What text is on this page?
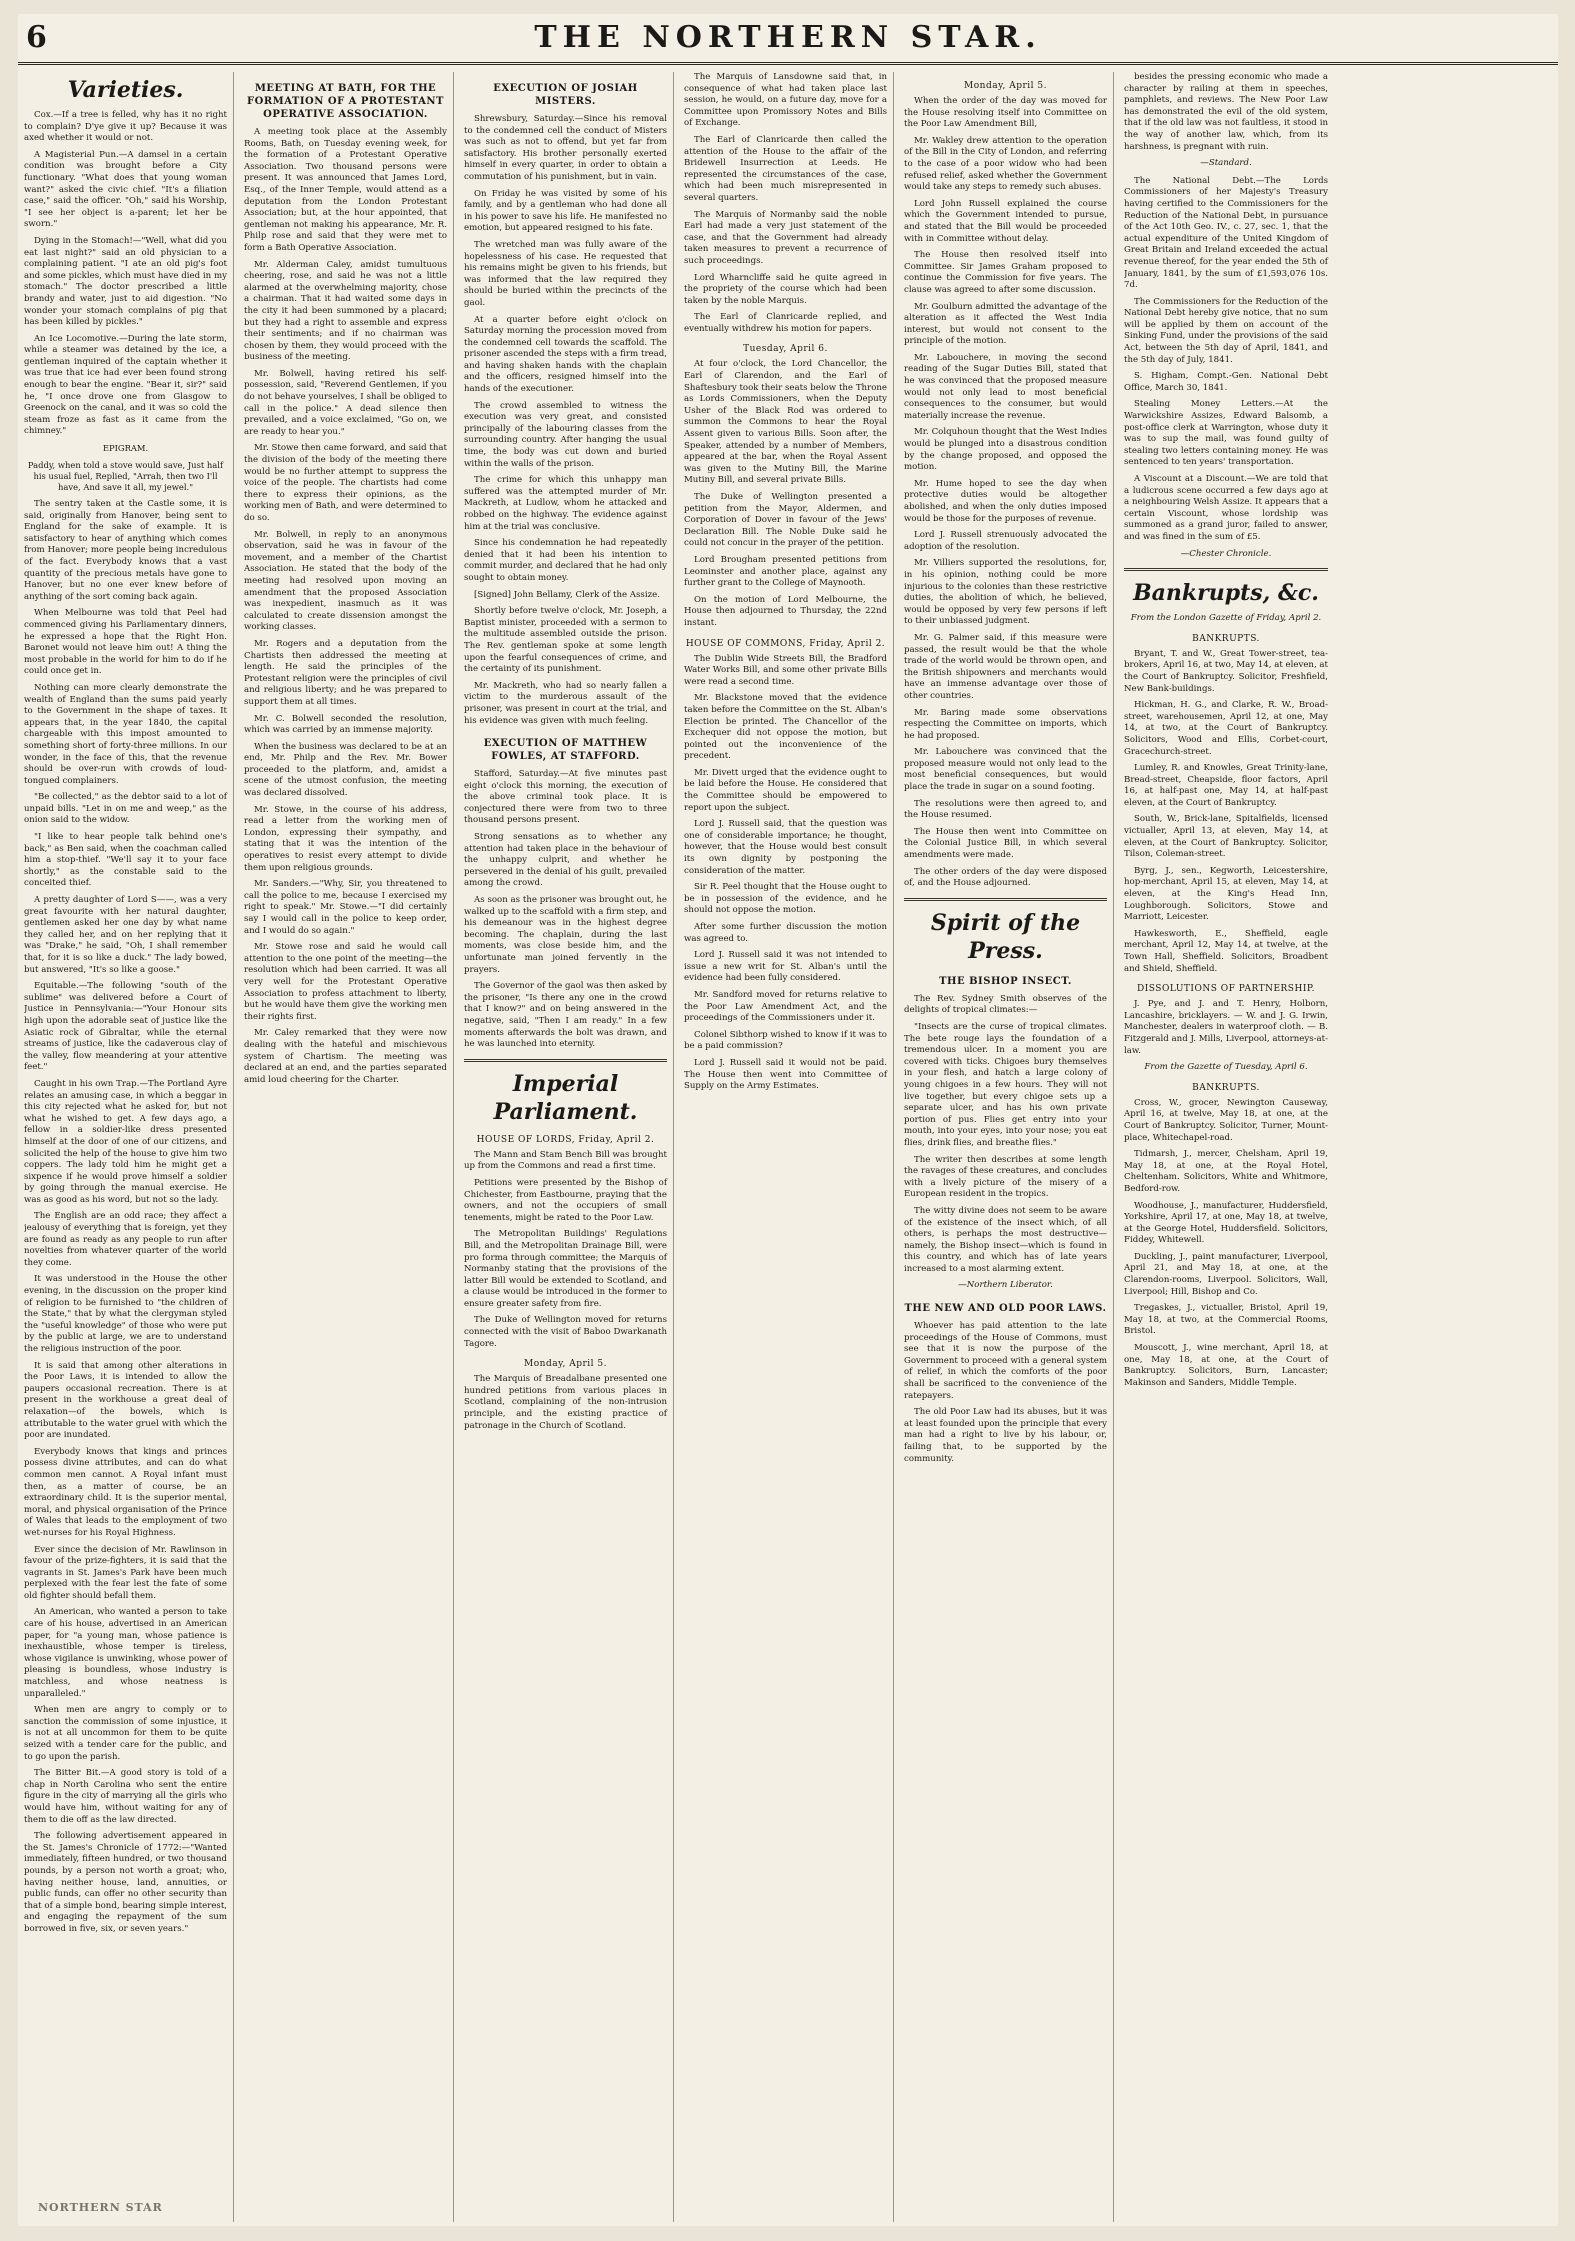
6	THE NORTHERN STAR.
Varieties.

Cox.—If a tree is felled, why has it no right to complain? D'ye give it up? Because it was axed whether it would or not.

A Magisterial Pun.—A damsel in a certain condition was brought before a City functionary. "What does that young woman want?" asked the civic chief. "It's a filiation case," said the officer. "Oh," said his Worship, "I see her object is a-parent; let her be sworn."

Dying in the Stomach!—"Well, what did you eat last night?" said an old physician to a complaining patient. "I ate an old pig's foot and some pickles, which must have died in my stomach." The doctor prescribed a little brandy and water, just to aid digestion. "No wonder your stomach complains of pig that has been killed by pickles."

An Ice Locomotive.—During the late storm, while a steamer was detained by the ice, a gentleman inquired of the captain whether it was true that ice had ever been found strong enough to bear the engine. "Bear it, sir?" said he, "I once drove one from Glasgow to Greenock on the canal, and it was so cold the steam froze as fast as it came from the chimney."

EPIGRAM.
Paddy, when told a stove would save, Just half his usual fuel, Replied, "Arrah, then two I'll have, And save it all, my jewel."

The sentry taken at the Castle some, it is said, originally from Hanover, being sent to England for the sake of example. It is satisfactory to hear of anything which comes from Hanover; more people being incredulous of the fact. Everybody knows that a vast quantity of the precious metals have gone to Hanover, but no one ever knew before of anything of the sort coming back again.

When Melbourne was told that Peel had commenced giving his Parliamentary dinners, he expressed a hope that the Right Hon. Baronet would not leave him out! A thing the most probable in the world for him to do if he could once get in.

Nothing can more clearly demonstrate the wealth of England than the sums paid yearly to the Government in the shape of taxes. It appears that, in the year 1840, the capital chargeable with this impost amounted to something short of forty-three millions. In our wonder, in the face of this, that the revenue should be over-run with crowds of loud-tongued complainers.

"Be collected," as the debtor said to a lot of unpaid bills. "Let in on me and weep," as the onion said to the widow.

"I like to hear people talk behind one's back," as Ben said, when the coachman called him a stop-thief. "We'll say it to your face shortly," as the constable said to the conceited thief.

A pretty daughter of Lord S——, was a very great favourite with her natural daughter, gentlemen asked her one day by what name they called her, and on her replying that it was "Drake," he said, "Oh, I shall remember that, for it is so like a duck." The lady bowed, but answered, "It's so like a goose."

Equitable.—The following "south of the sublime" was delivered before a Court of Justice in Pennsylvania:—"Your Honour sits high upon the adorable seat of justice like the Asiatic rock of Gibraltar, while the eternal streams of justice, like the cadaverous clay of the valley, flow meandering at your attentive feet."

Caught in his own Trap.—The Portland Ayre relates an amusing case, in which a beggar in this city rejected what he asked for, but not what he wished to get. A few days ago, a fellow in a soldier-like dress presented himself at the door of one of our citizens, and solicited the help of the house to give him two coppers. The lady told him he might get a sixpence if he would prove himself a soldier by going through the manual exercise. He was as good as his word, but not so the lady.

The English are an odd race; they affect a jealousy of everything that is foreign, yet they are found as ready as any people to run after novelties from whatever quarter of the world they come.

It was understood in the House the other evening, in the discussion on the proper kind of religion to be furnished to "the children of the State," that by what the clergyman styled the "useful knowledge" of those who were put by the public at large, we are to understand the religious instruction of the poor.

It is said that among other alterations in the Poor Laws, it is intended to allow the paupers occasional recreation. There is at present in the workhouse a great deal of relaxation—of the bowels, which is attributable to the water gruel with which the poor are inundated.

Everybody knows that kings and princes possess divine attributes, and can do what common men cannot. A Royal infant must then, as a matter of course, be an extraordinary child. It is the superior mental, moral, and physical organisation of the Prince of Wales that leads to the employment of two wet-nurses for his Royal Highness.

Ever since the decision of Mr. Rawlinson in favour of the prize-fighters, it is said that the vagrants in St. James's Park have been much perplexed with the fear lest the fate of some old fighter should befall them.

An American, who wanted a person to take care of his house, advertised in an American paper, for "a young man, whose patience is inexhaustible, whose temper is tireless, whose vigilance is unwinking, whose power of pleasing is boundless, whose industry is matchless, and whose neatness is unparalleled."

When men are angry to comply or to sanction the commission of some injustice, it is not at all uncommon for them to be quite seized with a tender care for the public, and to go upon the parish.

The Bitter Bit.—A good story is told of a chap in North Carolina who sent the entire figure in the city of marrying all the girls who would have him, without waiting for any of them to die off as the law directed.

The following advertisement appeared in the St. James's Chronicle of 1772:—"Wanted immediately, fifteen hundred, or two thousand pounds, by a person not worth a groat; who, having neither house, land, annuities, or public funds, can offer no other security than that of a simple bond, bearing simple interest, and engaging the repayment of the sum borrowed in five, six, or seven years."

MEETING AT BATH, FOR THE FORMATION OF A PROTESTANT OPERATIVE ASSOCIATION.

A meeting took place at the Assembly Rooms, Bath, on Tuesday evening week, for the formation of a Protestant Operative Association. Two thousand persons were present. It was announced that James Lord, Esq., of the Inner Temple, would attend as a deputation from the London Protestant Association; but, at the hour appointed, that gentleman not making his appearance, Mr. R. Philp rose and said that they were met to form a Bath Operative Association.

Mr. Alderman Caley, amidst tumultuous cheering, rose, and said he was not a little alarmed at the overwhelming majority, chose a chairman. That it had waited some days in the city it had been summoned by a placard; but they had a right to assemble and express their sentiments; and if no chairman was chosen by them, they would proceed with the business of the meeting.

Mr. Bolwell, having retired his self-possession, said, "Reverend Gentlemen, if you do not behave yourselves, I shall be obliged to call in the police." A dead silence then prevailed, and a voice exclaimed, "Go on, we are ready to hear you."

Mr. Stowe then came forward, and said that the division of the body of the meeting there would be no further attempt to suppress the voice of the people. The chartists had come there to express their opinions, as the working men of Bath, and were determined to do so.

Mr. Bolwell, in reply to an anonymous observation, said he was in favour of the movement, and a member of the Chartist Association. He stated that the body of the meeting had resolved upon moving an amendment that the proposed Association was inexpedient, inasmuch as it was calculated to create dissension amongst the working classes.

Mr. Rogers and a deputation from the Chartists then addressed the meeting at length. He said the principles of the Protestant religion were the principles of civil and religious liberty; and he was prepared to support them at all times.

Mr. C. Bolwell seconded the resolution, which was carried by an immense majority.

When the business was declared to be at an end, Mr. Philp and the Rev. Mr. Bower proceeded to the platform, and, amidst a scene of the utmost confusion, the meeting was declared dissolved.

Mr. Stowe, in the course of his address, read a letter from the working men of London, expressing their sympathy, and stating that it was the intention of the operatives to resist every attempt to divide them upon religious grounds.

Mr. Sanders.—"Why, Sir, you threatened to call the police to me, because I exercised my right to speak." Mr. Stowe.—"I did certainly say I would call in the police to keep order, and I would do so again."

Mr. Stowe rose and said he would call attention to the one point of the meeting—the resolution which had been carried. It was all very well for the Protestant Operative Association to profess attachment to liberty, but he would have them give the working men their rights first.

Mr. Caley remarked that they were now dealing with the hateful and mischievous system of Chartism. The meeting was declared at an end, and the parties separated amid loud cheering for the Charter.

EXECUTION OF JOSIAH MISTERS.

Shrewsbury, Saturday.—Since his removal to the condemned cell the conduct of Misters was such as not to offend, but yet far from satisfactory. His brother personally exerted himself in every quarter, in order to obtain a commutation of his punishment, but in vain.

On Friday he was visited by some of his family, and by a gentleman who had done all in his power to save his life. He manifested no emotion, but appeared resigned to his fate.

The wretched man was fully aware of the hopelessness of his case. He requested that his remains might be given to his friends, but was informed that the law required they should be buried within the precincts of the gaol.

At a quarter before eight o'clock on Saturday morning the procession moved from the condemned cell towards the scaffold. The prisoner ascended the steps with a firm tread, and having shaken hands with the chaplain and the officers, resigned himself into the hands of the executioner.

The crowd assembled to witness the execution was very great, and consisted principally of the labouring classes from the surrounding country. After hanging the usual time, the body was cut down and buried within the walls of the prison.

The crime for which this unhappy man suffered was the attempted murder of Mr. Mackreth, at Ludlow, whom he attacked and robbed on the highway. The evidence against him at the trial was conclusive.

Since his condemnation he had repeatedly denied that it had been his intention to commit murder, and declared that he had only sought to obtain money.

[Signed] John Bellamy, Clerk of the Assize.

Shortly before twelve o'clock, Mr. Joseph, a Baptist minister, proceeded with a sermon to the multitude assembled outside the prison. The Rev. gentleman spoke at some length upon the fearful consequences of crime, and the certainty of its punishment.

Mr. Mackreth, who had so nearly fallen a victim to the murderous assault of the prisoner, was present in court at the trial, and his evidence was given with much feeling.

EXECUTION OF MATTHEW FOWLES, AT STAFFORD.

Stafford, Saturday.—At five minutes past eight o'clock this morning, the execution of the above criminal took place. It is conjectured there were from two to three thousand persons present.

Strong sensations as to whether any attention had taken place in the behaviour of the unhappy culprit, and whether he persevered in the denial of his guilt, prevailed among the crowd.

As soon as the prisoner was brought out, he walked up to the scaffold with a firm step, and his demeanour was in the highest degree becoming. The chaplain, during the last moments, was close beside him, and the unfortunate man joined fervently in the prayers.

The Governor of the gaol was then asked by the prisoner, "Is there any one in the crowd that I know?" and on being answered in the negative, said, "Then I am ready." In a few moments afterwards the bolt was drawn, and he was launched into eternity.

Imperial Parliament.
HOUSE OF LORDS, Friday, April 2.

The Mann and Stam Bench Bill was brought up from the Commons and read a first time.

Petitions were presented by the Bishop of Chichester, from Eastbourne, praying that the owners, and not the occupiers of small tenements, might be rated to the Poor Law.

The Metropolitan Buildings' Regulations Bill, and the Metropolitan Drainage Bill, were pro forma through committee; the Marquis of Normanby stating that the provisions of the latter Bill would be extended to Scotland, and a clause would be introduced in the former to ensure greater safety from fire.

The Duke of Wellington moved for returns connected with the visit of Baboo Dwarkanath Tagore.

Monday, April 5.

The Marquis of Breadalbane presented one hundred petitions from various places in Scotland, complaining of the non-intrusion principle, and the existing practice of patronage in the Church of Scotland.

The Marquis of Lansdowne said that, in consequence of what had taken place last session, he would, on a future day, move for a Committee upon Promissory Notes and Bills of Exchange.

The Earl of Clanricarde then called the attention of the House to the affair of the Bridewell Insurrection at Leeds. He represented the circumstances of the case, which had been much misrepresented in several quarters.

The Marquis of Normanby said the noble Earl had made a very just statement of the case, and that the Government had already taken measures to prevent a recurrence of such proceedings.

Lord Wharncliffe said he quite agreed in the propriety of the course which had been taken by the noble Marquis.

The Earl of Clanricarde replied, and eventually withdrew his motion for papers.

Tuesday, April 6.

At four o'clock, the Lord Chancellor, the Earl of Clarendon, and the Earl of Shaftesbury took their seats below the Throne as Lords Commissioners, when the Deputy Usher of the Black Rod was ordered to summon the Commons to hear the Royal Assent given to various Bills. Soon after, the Speaker, attended by a number of Members, appeared at the bar, when the Royal Assent was given to the Mutiny Bill, the Marine Mutiny Bill, and several private Bills.

The Duke of Wellington presented a petition from the Mayor, Aldermen, and Corporation of Dover in favour of the Jews' Declaration Bill. The Noble Duke said he could not concur in the prayer of the petition.

Lord Brougham presented petitions from Leominster and another place, against any further grant to the College of Maynooth.

On the motion of Lord Melbourne, the House then adjourned to Thursday, the 22nd instant.

HOUSE OF COMMONS, Friday, April 2.

The Dublin Wide Streets Bill, the Bradford Water Works Bill, and some other private Bills were read a second time.

Mr. Blackstone moved that the evidence taken before the Committee on the St. Alban's Election be printed. The Chancellor of the Exchequer did not oppose the motion, but pointed out the inconvenience of the precedent.

Mr. Divett urged that the evidence ought to be laid before the House. He considered that the Committee should be empowered to report upon the subject.

Lord J. Russell said, that the question was one of considerable importance; he thought, however, that the House would best consult its own dignity by postponing the consideration of the matter.

Sir R. Peel thought that the House ought to be in possession of the evidence, and he should not oppose the motion.

After some further discussion the motion was agreed to.

Lord J. Russell said it was not intended to issue a new writ for St. Alban's until the evidence had been fully considered.

Mr. Sandford moved for returns relative to the Poor Law Amendment Act, and the proceedings of the Commissioners under it.

Colonel Sibthorp wished to know if it was to be a paid commission?

Lord J. Russell said it would not be paid. The House then went into Committee of Supply on the Army Estimates.

Monday, April 5.

When the order of the day was moved for the House resolving itself into Committee on the Poor Law Amendment Bill,

Mr. Wakley drew attention to the operation of the Bill in the City of London, and referring to the case of a poor widow who had been refused relief, asked whether the Government would take any steps to remedy such abuses.

Lord John Russell explained the course which the Government intended to pursue, and stated that the Bill would be proceeded with in Committee without delay.

The House then resolved itself into Committee. Sir James Graham proposed to continue the Commission for five years. The clause was agreed to after some discussion.

Mr. Goulburn admitted the advantage of the alteration as it affected the West India interest, but would not consent to the principle of the motion.

Mr. Labouchere, in moving the second reading of the Sugar Duties Bill, stated that he was convinced that the proposed measure would not only lead to most beneficial consequences to the consumer, but would materially increase the revenue.

Mr. Colquhoun thought that the West Indies would be plunged into a disastrous condition by the change proposed, and opposed the motion.

Mr. Hume hoped to see the day when protective duties would be altogether abolished, and when the only duties imposed would be those for the purposes of revenue.

Lord J. Russell strenuously advocated the adoption of the resolution.

Mr. Villiers supported the resolutions, for, in his opinion, nothing could be more injurious to the colonies than these restrictive duties, the abolition of which, he believed, would be opposed by very few persons if left to their unbiassed judgment.

Mr. G. Palmer said, if this measure were passed, the result would be that the whole trade of the world would be thrown open, and the British shipowners and merchants would have an immense advantage over those of other countries.

Mr. Baring made some observations respecting the Committee on imports, which he had proposed.

Mr. Labouchere was convinced that the proposed measure would not only lead to the most beneficial consequences, but would place the trade in sugar on a sound footing.

The resolutions were then agreed to, and the House resumed.

The House then went into Committee on the Colonial Justice Bill, in which several amendments were made.

The other orders of the day were disposed of, and the House adjourned.

Spirit of the Press.
THE BISHOP INSECT.

The Rev. Sydney Smith observes of the delights of tropical climates:—

"Insects are the curse of tropical climates. The bete rouge lays the foundation of a tremendous ulcer. In a moment you are covered with ticks. Chigoes bury themselves in your flesh, and hatch a large colony of young chigoes in a few hours. They will not live together, but every chigoe sets up a separate ulcer, and has his own private portion of pus. Flies get entry into your mouth, into your eyes, into your nose; you eat flies, drink flies, and breathe flies."

The writer then describes at some length the ravages of these creatures, and concludes with a lively picture of the misery of a European resident in the tropics.

The witty divine does not seem to be aware of the existence of the insect which, of all others, is perhaps the most destructive—namely, the Bishop insect—which is found in this country, and which has of late years increased to a most alarming extent.

—Northern Liberator.
THE NEW AND OLD POOR LAWS.

Whoever has paid attention to the late proceedings of the House of Commons, must see that it is now the purpose of the Government to proceed with a general system of relief, in which the comforts of the poor shall be sacrificed to the convenience of the ratepayers.

The old Poor Law had its abuses, but it was at least founded upon the principle that every man had a right to live by his labour, or, failing that, to be supported by the community.

besides the pressing economic who made a character by railing at them in speeches, pamphlets, and reviews. The New Poor Law has demonstrated the evil of the old system, that if the old law was not faultless, it stood in the way of another law, which, from its harshness, is pregnant with ruin.

—Standard.

The National Debt.—The Lords Commissioners of her Majesty's Treasury having certified to the Commissioners for the Reduction of the National Debt, in pursuance of the Act 10th Geo. IV., c. 27, sec. 1, that the actual expenditure of the United Kingdom of Great Britain and Ireland exceeded the actual revenue thereof, for the year ended the 5th of January, 1841, by the sum of £1,593,076 10s. 7d.

The Commissioners for the Reduction of the National Debt hereby give notice, that no sum will be applied by them on account of the Sinking Fund, under the provisions of the said Act, between the 5th day of April, 1841, and the 5th day of July, 1841.

S. Higham, Compt.-Gen. National Debt Office, March 30, 1841.

Stealing Money Letters.—At the Warwickshire Assizes, Edward Balsomb, a post-office clerk at Warrington, whose duty it was to sup the mail, was found guilty of stealing two letters containing money. He was sentenced to ten years' transportation.

A Viscount at a Discount.—We are told that a ludicrous scene occurred a few days ago at a neighbouring Welsh Assize. It appears that a certain Viscount, whose lordship was summoned as a grand juror, failed to answer, and was fined in the sum of £5.

—Chester Chronicle.
Bankrupts, &c.
From the London Gazette of Friday, April 2.
BANKRUPTS.

Bryant, T. and W., Great Tower-street, tea-brokers, April 16, at two, May 14, at eleven, at the Court of Bankruptcy. Solicitor, Freshfield, New Bank-buildings.

Hickman, H. G., and Clarke, R. W., Broad-street, warehousemen, April 12, at one, May 14, at two, at the Court of Bankruptcy. Solicitors, Wood and Ellis, Corbet-court, Gracechurch-street.

Lumley, R. and Knowles, Great Trinity-lane, Bread-street, Cheapside, floor factors, April 16, at half-past one, May 14, at half-past eleven, at the Court of Bankruptcy.

South, W., Brick-lane, Spitalfields, licensed victualler, April 13, at eleven, May 14, at eleven, at the Court of Bankruptcy. Solicitor, Tilson, Coleman-street.

Byrg, J., sen., Kegworth, Leicestershire, hop-merchant, April 15, at eleven, May 14, at eleven, at the King's Head Inn, Loughborough. Solicitors, Stowe and Marriott, Leicester.

Hawkesworth, E., Sheffield, eagle merchant, April 12, May 14, at twelve, at the Town Hall, Sheffield. Solicitors, Broadbent and Shield, Sheffield.

DISSOLUTIONS OF PARTNERSHIP.

J. Pye, and J. and T. Henry, Holborn, Lancashire, bricklayers. — W. and J. G. Irwin, Manchester, dealers in waterproof cloth. — B. Fitzgerald and J. Mills, Liverpool, attorneys-at-law.

From the Gazette of Tuesday, April 6.
BANKRUPTS.

Cross, W., grocer, Newington Causeway, April 16, at twelve, May 18, at one, at the Court of Bankruptcy. Solicitor, Turner, Mount-place, Whitechapel-road.

Tidmarsh, J., mercer, Chelsham, April 19, May 18, at one, at the Royal Hotel, Cheltenham. Solicitors, White and Whitmore, Bedford-row.

Woodhouse, J., manufacturer, Huddersfield, Yorkshire, April 17, at one, May 18, at twelve, at the George Hotel, Huddersfield. Solicitors, Fiddey, Whitewell.

Duckling, J., paint manufacturer, Liverpool, April 21, and May 18, at one, at the Clarendon-rooms, Liverpool. Solicitors, Wall, Liverpool; Hill, Bishop and Co.

Tregaskes, J., victualler, Bristol, April 19, May 18, at two, at the Commercial Rooms, Bristol.

Mouscott, J., wine merchant, April 18, at one, May 18, at one, at the Court of Bankruptcy. Solicitors, Burn, Lancaster; Makinson and Sanders, Middle Temple.

NORTHERN STAR
